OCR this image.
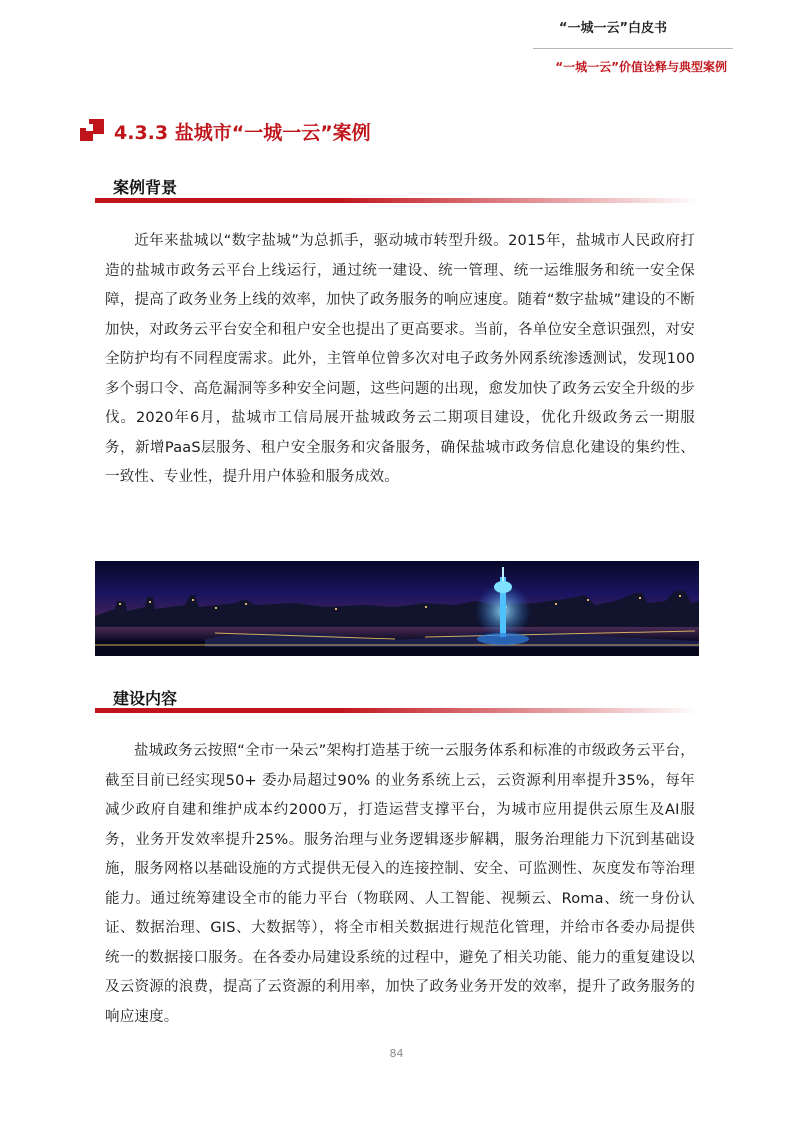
“一城一云”白皮书
“一城一云”价值诠释与典型案例
4.3.3 盐城市“一城一云”案例
案例背景

近年来盐城以“数字盐城”为总抓手，驱动城市转型升级。2015年，盐城市人民政府打造的盐城市政务云平台上线运行，通过统一建设、统一管理、统一运维服务和统一安全保障，提高了政务业务上线的效率，加快了政务服务的响应速度。随着“数字盐城”建设的不断加快，对政务云平台安全和租户安全也提出了更高要求。当前，各单位安全意识强烈，对安全防护均有不同程度需求。此外，主管单位曾多次对电子政务外网系统渗透测试，发现100多个弱口令、高危漏洞等多种安全问题，这些问题的出现，愈发加快了政务云安全升级的步伐。2020年6月，盐城市工信局展开盐城政务云二期项目建设，优化升级政务云一期服务，新增PaaS层服务、租户安全服务和灾备服务，确保盐城市政务信息化建设的集约性、一致性、专业性，提升用户体验和服务成效。

建设内容

盐城政务云按照“全市一朵云”架构打造基于统一云服务体系和标准的市级政务云平台，截至目前已经实现50+ 委办局超过90% 的业务系统上云，云资源利用率提升35%，每年减少政府自建和维护成本约2000万，打造运营支撑平台，为城市应用提供云原生及AI服务，业务开发效率提升25%。服务治理与业务逻辑逐步解耦，服务治理能力下沉到基础设施，服务网格以基础设施的方式提供无侵入的连接控制、安全、可监测性、灰度发布等治理能力。通过统筹建设全市的能力平台（物联网、人工智能、视频云、Roma、统一身份认证、数据治理、GIS、大数据等），将全市相关数据进行规范化管理，并给市各委办局提供统一的数据接口服务。在各委办局建设系统的过程中，避免了相关功能、能力的重复建设以及云资源的浪费，提高了云资源的利用率，加快了政务业务开发的效率，提升了政务服务的响应速度。

84
